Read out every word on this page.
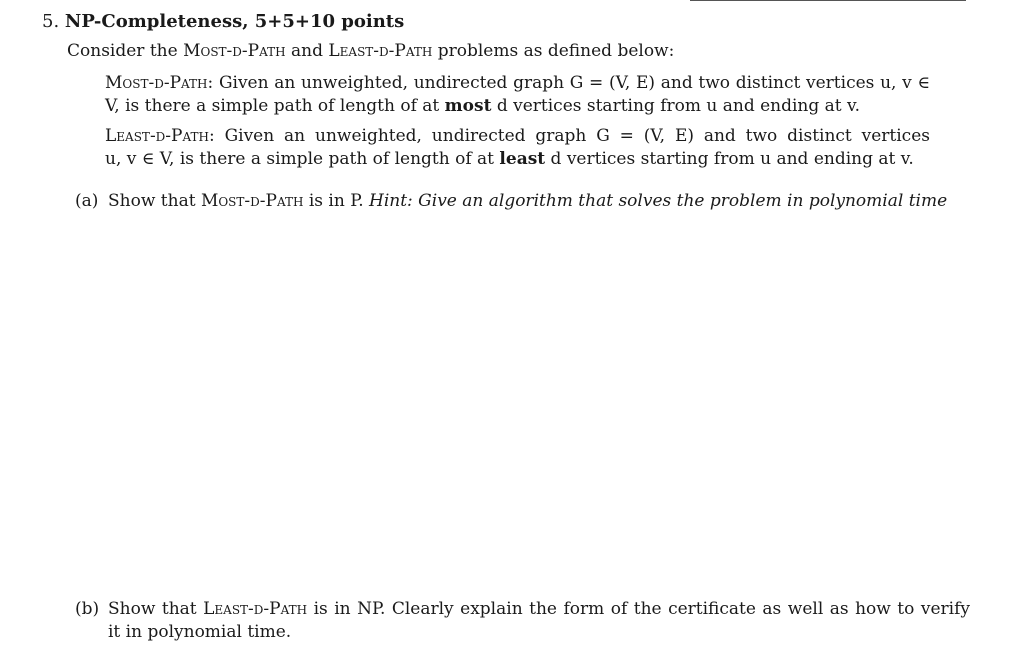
5. NP-Completeness, 5+5+10 points
Consider the Most-d-Path and Least-d-Path problems as defined below:
Most-d-Path: Given an unweighted, undirected graph G = (V, E) and two distinct vertices u, v ∈
V, is there a simple path of length of at most d vertices starting from u and ending at v.
Least-d-Path: Given an unweighted, undirected graph G = (V, E) and two distinct vertices
u, v ∈ V, is there a simple path of length of at least d vertices starting from u and ending at v.
(a) Show that Most-d-Path is in P. Hint: Give an algorithm that solves the problem in polynomial time
(b) Show that Least-d-Path is in NP. Clearly explain the form of the certificate as well as how to verify
it in polynomial time.
